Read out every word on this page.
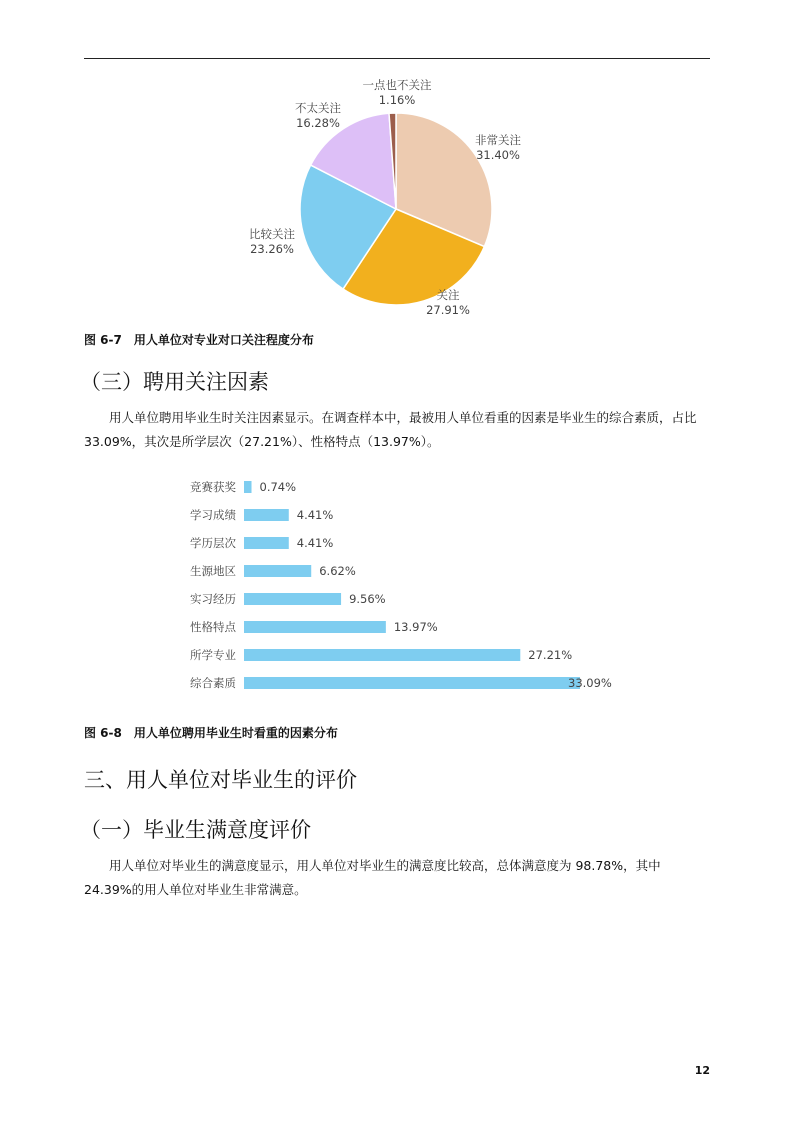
非常关注
31.40%
关注
27.91%
比较关注
23.26%
不太关注
16.28%
一点也不关注
1.16%
图 6-7 用人单位对专业对口关注程度分布
（三）聘用关注因素
用人单位聘用毕业生时关注因素显示。在调查样本中，最被用人单位看重的因素是毕业生的综合素质，占比 33.09%，其次是所学层次（27.21%）、性格特点（13.97%）。
竞赛获奖 0.74%
学习成绩	4.41%
学历层次	4.41%
生源地区	6.62%
实习经历	9.56%
性格特点	13.97%
所学专业	27.21%
综合素质	33.09%
图 6-8 用人单位聘用毕业生时看重的因素分布
三、用人单位对毕业生的评价
（一）毕业生满意度评价
用人单位对毕业生的满意度显示，用人单位对毕业生的满意度比较高，总体满意度为 98.78%，其中 24.39%的用人单位对毕业生非常满意。
12
